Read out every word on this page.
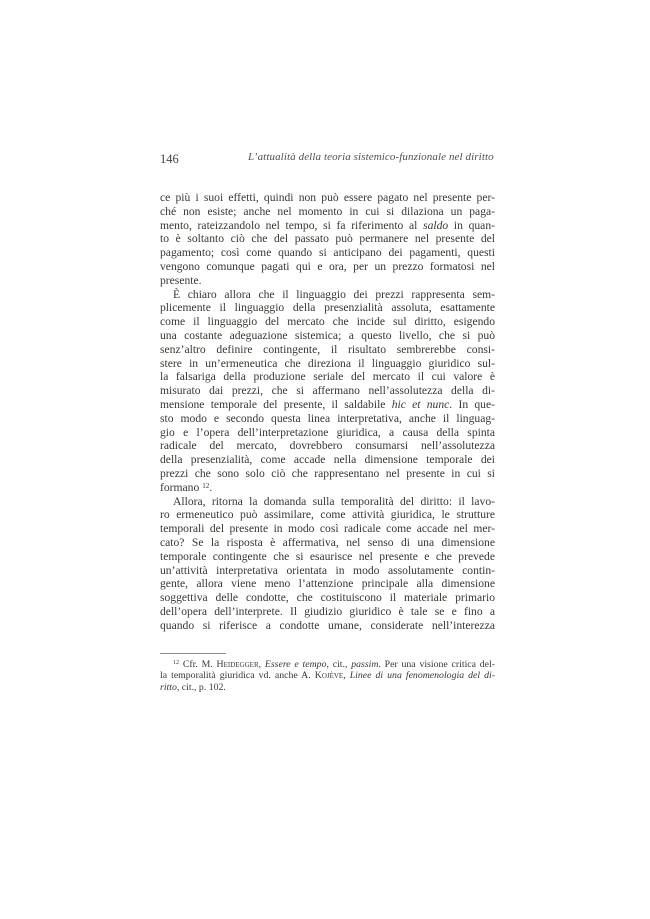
146	L’attualità della teoria sistemico-funzionale nel diritto
ce più i suoi effetti, quindi non può essere pagato nel presente per-
ché non esiste; anche nel momento in cui si dilaziona un paga-
mento, rateizzandolo nel tempo, si fa riferimento al saldo in quan-
to è soltanto ciò che del passato può permanere nel presente del
pagamento; così come quando si anticipano dei pagamenti, questi
vengono comunque pagati qui e ora, per un prezzo formatosi nel
presente.
È chiaro allora che il linguaggio dei prezzi rappresenta sem-
plicemente il linguaggio della presenzialità assoluta, esattamente
come il linguaggio del mercato che incide sul diritto, esigendo
una costante adeguazione sistemica; a questo livello, che si può
senz’altro definire contingente, il risultato sembrerebbe consi-
stere in un’ermeneutica che direziona il linguaggio giuridico sul-
la falsariga della produzione seriale del mercato il cui valore è
misurato dai prezzi, che si affermano nell’assolutezza della di-
mensione temporale del presente, il saldabile hic et nunc. In que-
sto modo e secondo questa linea interpretativa, anche il linguag-
gio e l’opera dell’interpretazione giuridica, a causa della spinta
radicale del mercato, dovrebbero consumarsi nell’assolutezza
della presenzialità, come accade nella dimensione temporale dei
prezzi che sono solo ciò che rappresentano nel presente in cui si
formano $^{12}$.
Allora, ritorna la domanda sulla temporalità del diritto: il lavo-
ro ermeneutico può assimilare, come attività giuridica, le strutture
temporali del presente in modo così radicale come accade nel mer-
cato? Se la risposta è affermativa, nel senso di una dimensione
temporale contingente che si esaurisce nel presente e che prevede
un’attività interpretativa orientata in modo assolutamente contin-
gente, allora viene meno l’attenzione principale alla dimensione
soggettiva delle condotte, che costituiscono il materiale primario
dell’opera dell’interprete. Il giudizio giuridico è tale se e fino a
quando si riferisce a condotte umane, considerate nell’interezza
$^{12}$ Cfr. M. Heidegger, Essere e tempo, cit., passim. Per una visione critica del-
la temporalità giuridica vd. anche A. Kojève, Linee di una fenomenologia del di-
ritto, cit., p. 102.
